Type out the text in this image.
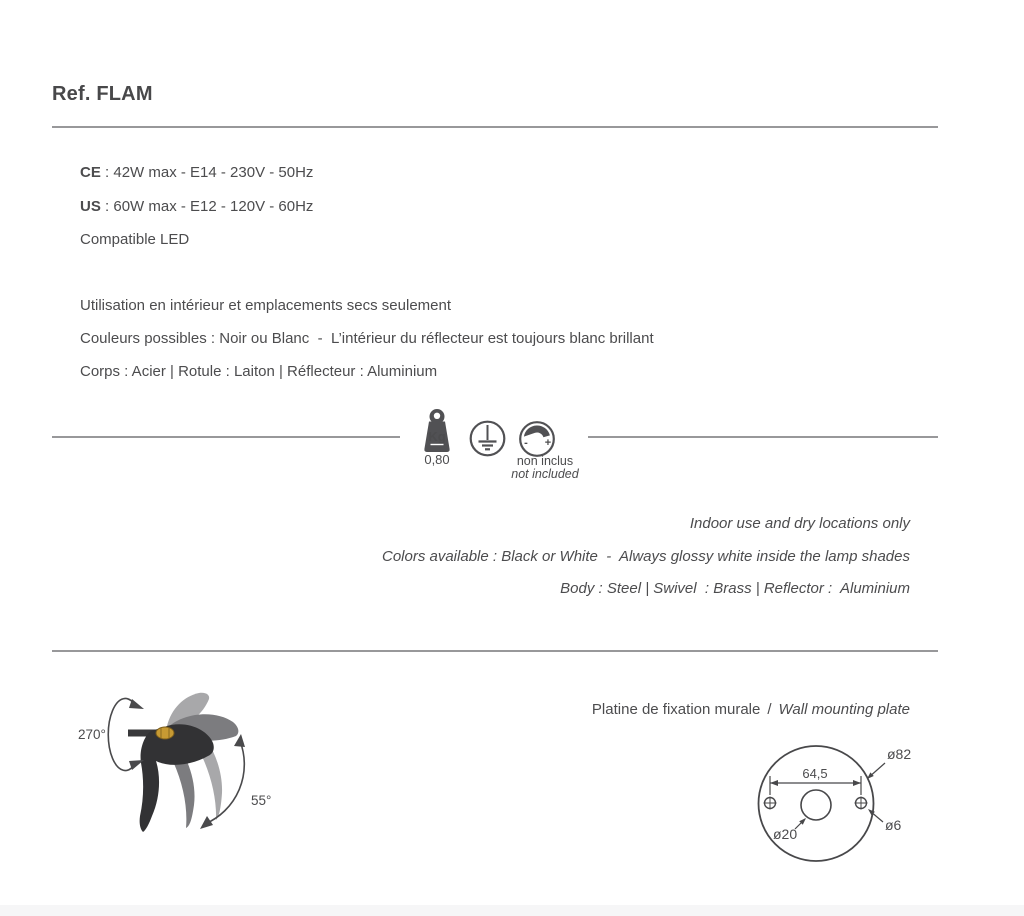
Ref. FLAM
CE : 42W max - E14 - 230V - 50Hz
US : 60W max - E12 - 120V - 60Hz
Compatible LED
Utilisation en intérieur et emplacements secs seulement
Couleurs possibles : Noir ou Blanc  -  L’intérieur du réflecteur est toujours blanc brillant
Corps : Acier | Rotule : Laiton | Réflecteur : Aluminium
Kg
0,80
- +
non inclus
not included
Indoor use and dry locations only
Colors available : Black or White  -  Always glossy white inside the lamp shades
Body : Steel | Swivel  : Brass | Reflector :  Aluminium
270°
55°
Platine de fixation murale / Wall mounting plate
64,5
ø82
ø6
ø20
